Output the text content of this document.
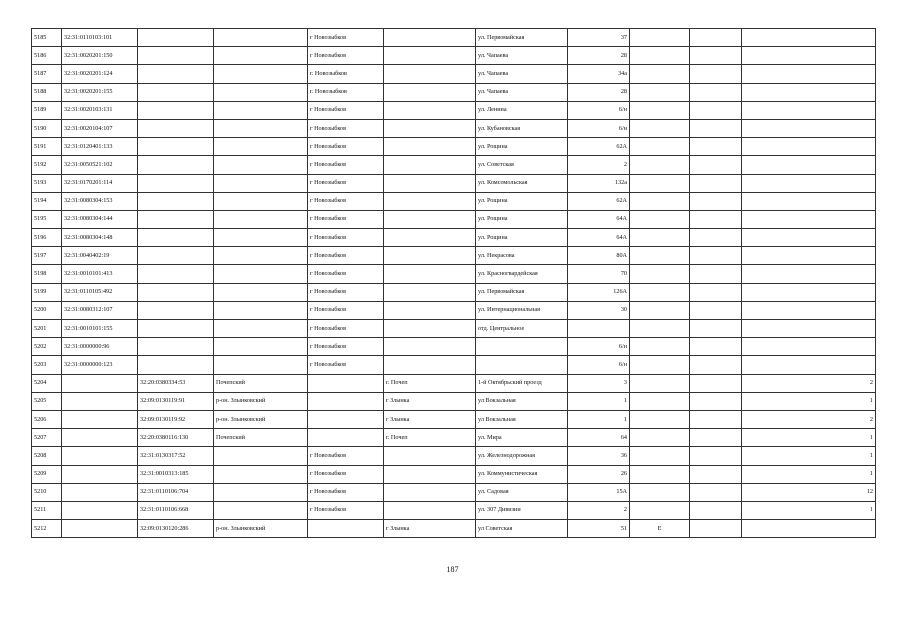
5185	32:31:0110103:101			г Новозыбков		ул. Первомайская	37			
5186	32:31:0020201:150			г Новозыбков		ул. Чапаева	28			
5187	32:31:0020201:124			г. Новозыбков		ул. Чапаева	34а			
5188	32:31:0020201:155			г. Новозыбков		ул. Чапаева	28			
5189	32:31:0020103:131			г Новозыбков		ул. Ленина	6/н			
5190	32:31:0020104:107			г Новозыбков		ул. Кубановская	6/н			
5191	32:31:0120401:133			г Новозыбков		ул. Рощина	62А			
5192	32:31:0050521:102			г Новозыбков		ул. Советская	2			
5193	32:31:0170201:114			г Новозыбков		ул. Комсомольская	132а			
5194	32:31:0080304:153			г Новозыбков		ул. Рощина	62А			
5195	32:31:0080304:144			г Новозыбков		ул. Рощина	64А			
5196	32:31:0080304:148			г Новозыбков		ул. Рощина	64А			
5197	32:31:0040402:19			г Новозыбков		ул. Некрасова	80А			
5198	32:31:0010101:413			г Новозыбков		ул. Красногвардейская	70			
5199	32:31:0110105:492			г Новозыбков		ул. Первомайская	126А			
5200	32:31:0080312:107			г Новозыбков		ул. Интернациональная	30			
5201	32:31:0010101:155			г Новозыбков		отд. Центральное				
5202	32:31:0000000:96			г Новозыбков			6/н			
5203	32:31:0000000:123			г Новозыбков			6/н			
5204		32:20:0380334:53	Почепский		г. Почеп	1-й Октябрьский проезд	3			2
5205		32:09:0130119:91	р-он. Злынковский		г Злынка	ул Вокзальная	1			1
5206		32:09:0130119:92	р-он. Злынковский		г Злынка	ул Вокзальная	1			2
5207		32:20:0380116:130	Почепский		г. Почеп	ул. Мира	64			1
5208		32:31:0130317:52		г Новозыбков		ул. Железнодорожная	36			1
5209		32:31:0010313:185		г Новозыбков		ул. Коммунистическая	26			1
5210		32:31:0110106:704		г Новозыбков		ул. Садовая	15А			12
5211		32:31:0110106:668		г Новозыбков		ул. 307 Дивизии	2			1
5212		32:09:0130120:286	р-он. Злынковский		г Злынка	ул Советская	51	Е		
187
